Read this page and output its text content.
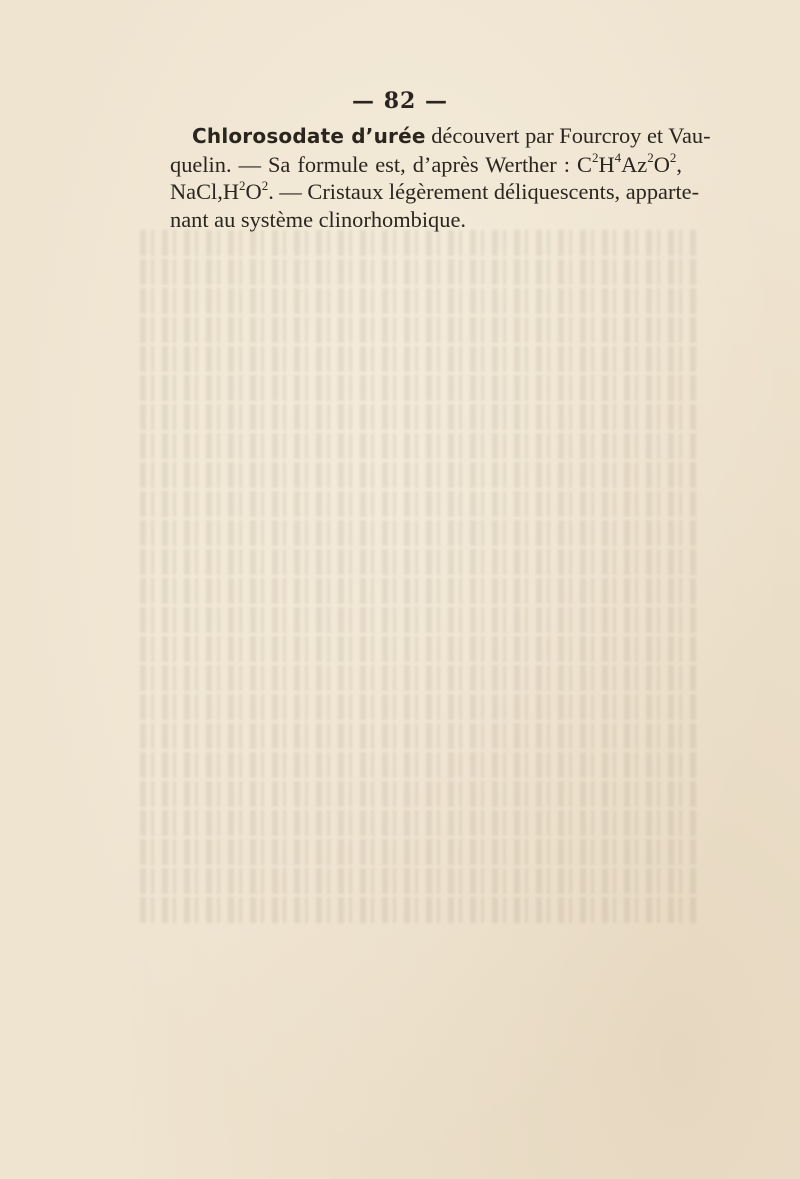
— 82 —
Chlorosodate d’urée découvert par Fourcroy et Vau-
quelin. — Sa formule est, d’après Werther : $C^2H^4Az^2O^2$,
$NaCl,H^2O^2$. — Cristaux légèrement déliquescents, apparte-
nant au système clinorhombique.
